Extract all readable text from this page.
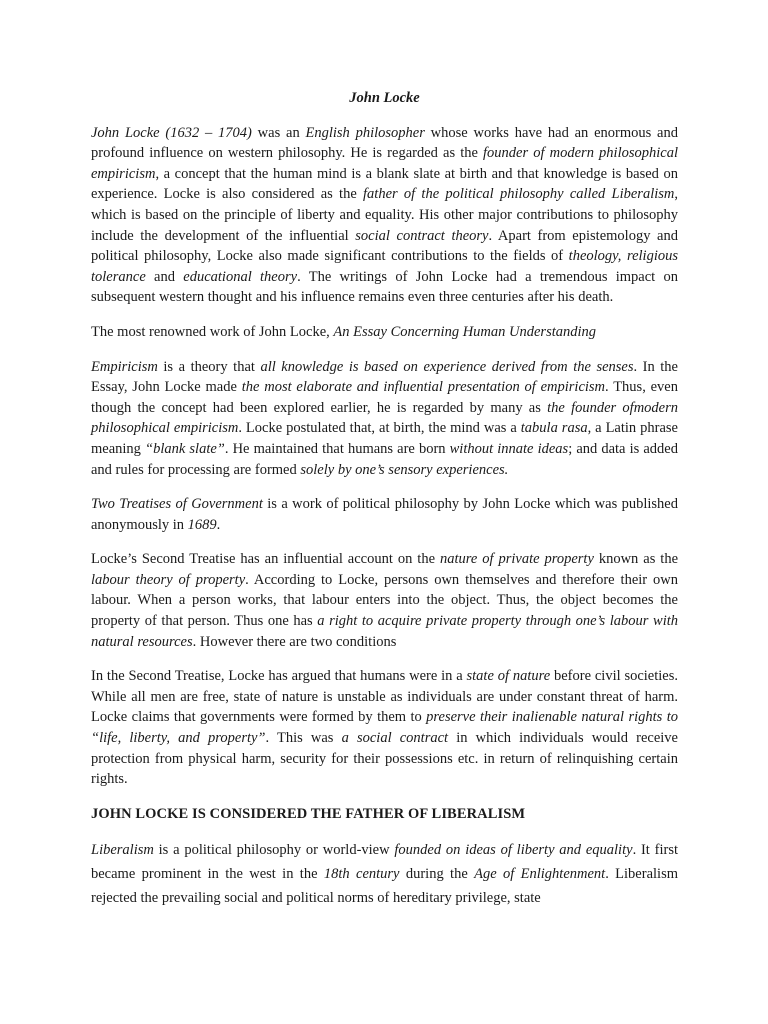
John Locke

John Locke (1632 – 1704) was an English philosopher whose works have had an enormous and profound influence on western philosophy. He is regarded as the founder of modern philosophical empiricism, a concept that the human mind is a blank slate at birth and that knowledge is based on experience. Locke is also considered as the father of the political philosophy called Liberalism, which is based on the principle of liberty and equality. His other major contributions to philosophy include the development of the influential social contract theory. Apart from epistemology and political philosophy, Locke also made significant contributions to the fields of theology, religious tolerance and educational theory. The writings of John Locke had a tremendous impact on subsequent western thought and his influence remains even three centuries after his death.

The most renowned work of John Locke, An Essay Concerning Human Understanding

Empiricism is a theory that all knowledge is based on experience derived from the senses. In the Essay, John Locke made the most elaborate and influential presentation of empiricism. Thus, even though the concept had been explored earlier, he is regarded by many as the founder ofmodern philosophical empiricism. Locke postulated that, at birth, the mind was a tabula rasa, a Latin phrase meaning “blank slate”. He maintained that humans are born without innate ideas; and data is added and rules for processing are formed solely by one’s sensory experiences.

Two Treatises of Government is a work of political philosophy by John Locke which was published anonymously in 1689.

Locke’s Second Treatise has an influential account on the nature of private property known as the labour theory of property. According to Locke, persons own themselves and therefore their own labour. When a person works, that labour enters into the object. Thus, the object becomes the property of that person. Thus one has a right to acquire private property through one’s labour with natural resources. However there are two conditions

In the Second Treatise, Locke has argued that humans were in a state of nature before civil societies. While all men are free, state of nature is unstable as individuals are under constant threat of harm. Locke claims that governments were formed by them to preserve their inalienable natural rights to “life, liberty, and property”. This was a social contract in which individuals would receive protection from physical harm, security for their possessions etc. in return of relinquishing certain rights.

JOHN LOCKE IS CONSIDERED THE FATHER OF LIBERALISM

Liberalism is a political philosophy or world-view founded on ideas of liberty and equality. It first became prominent in the west in the 18th century during the Age of Enlightenment. Liberalism rejected the prevailing social and political norms of hereditary privilege, state
